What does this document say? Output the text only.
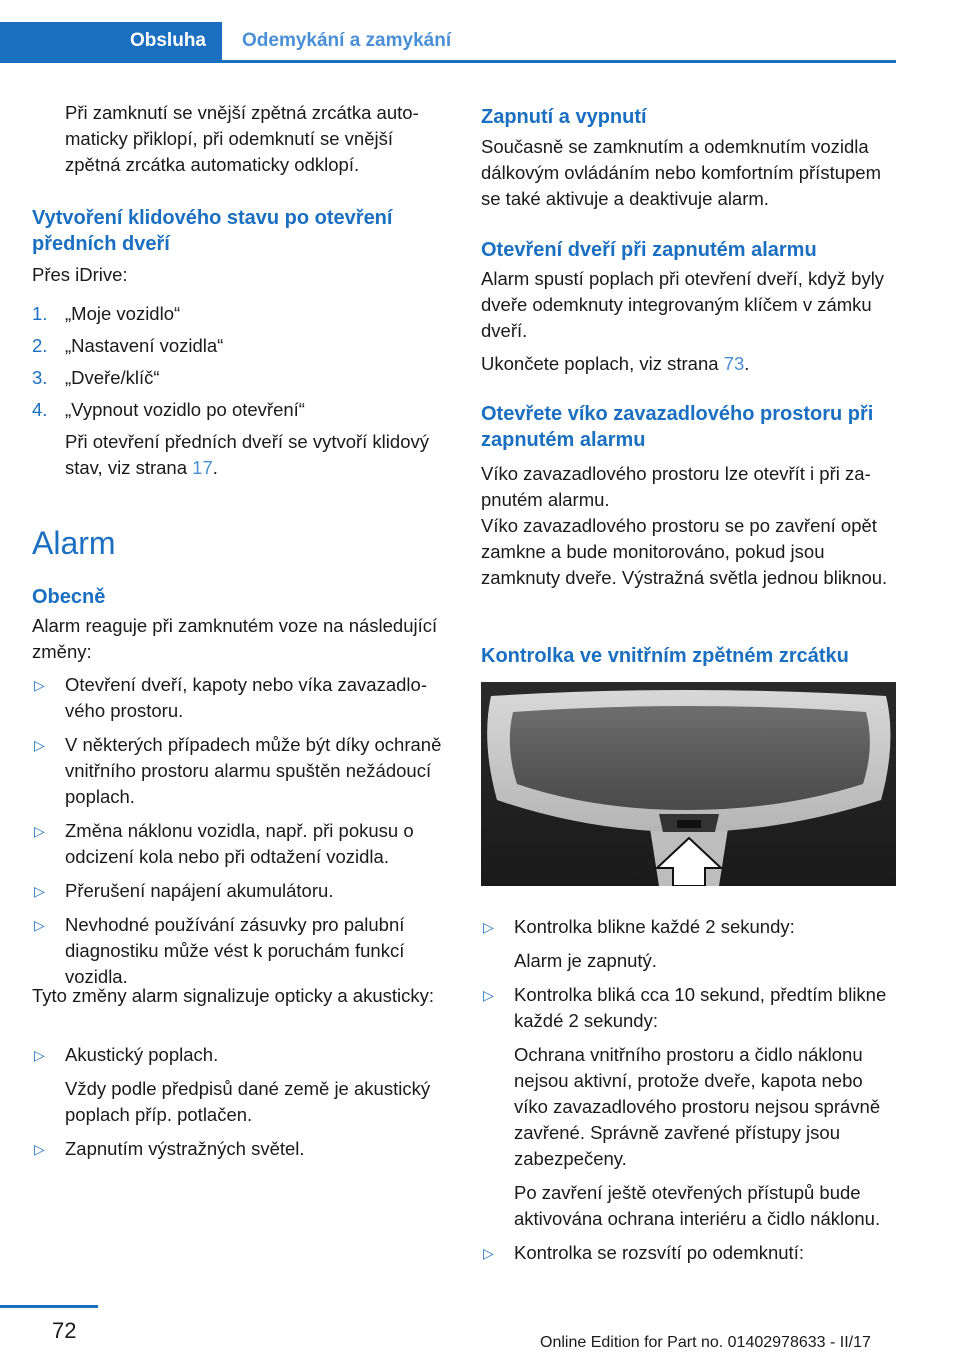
Obsluha	Odemykání a zamykání

Při zamknutí se vnější zpětná zrcátka automaticky přiklopí, při odemknutí se vnější zpětná zrcátka automaticky odklopí.

Vytvoření klidového stavu po otevření předních dveří

Přes iDrive:

1. „Moje vozidlo“
2. „Nastavení vozidla“
3. „Dveře/klíč“
4. „Vypnout vozidlo po otevření“

Při otevření předních dveří se vytvoří klidový stav, viz strana 17.

Alarm
Obecně

Alarm reaguje při zamknutém voze na následující změny:

▷ Otevření dveří, kapoty nebo víka zavazadlového prostoru.
▷ V některých případech může být díky ochraně vnitřního prostoru alarmu spuštěn nežádoucí poplach.
▷ Změna náklonu vozidla, např. při pokusu o odcizení kola nebo při odtažení vozidla.
▷ Přerušení napájení akumulátoru.
▷ Nevhodné používání zásuvky pro palubní diagnostiku může vést k poruchám funkcí vozidla.

Tyto změny alarm signalizuje opticky a akusticky:

▷ Akustický poplach.

Vždy podle předpisů dané země je akustický poplach příp. potlačen.

▷ Zapnutím výstražných světel.
Zapnutí a vypnutí

Současně se zamknutím a odemknutím vozidla dálkovým ovládáním nebo komfortním přístupem se také aktivuje a deaktivuje alarm.

Otevření dveří při zapnutém alarmu

Alarm spustí poplach při otevření dveří, když byly dveře odemknuty integrovaným klíčem v zámku dveří.

Ukončete poplach, viz strana 73.

Otevřete víko zavazadlového prostoru při zapnutém alarmu

Víko zavazadlového prostoru lze otevřít i při zapnutém alarmu.

Víko zavazadlového prostoru se po zavření opět zamkne a bude monitorováno, pokud jsou zamknuty dveře. Výstražná světla jednou bliknou.

Kontrolka ve vnitřním zpětném zrcátku
▷ Kontrolka blikne každé 2 sekundy:

Alarm je zapnutý.

▷ Kontrolka bliká cca 10 sekund, předtím blikne každé 2 sekundy:

Ochrana vnitřního prostoru a čidlo náklonu nejsou aktivní, protože dveře, kapota nebo víko zavazadlového prostoru nejsou správně zavřené. Správně zavřené přístupy jsou zabezpečeny.

Po zavření ještě otevřených přístupů bude aktivována ochrana interiéru a čidlo náklonu.

▷ Kontrolka se rozsvítí po odemknutí:
72	Online Edition for Part no. 01402978633 - II/17
